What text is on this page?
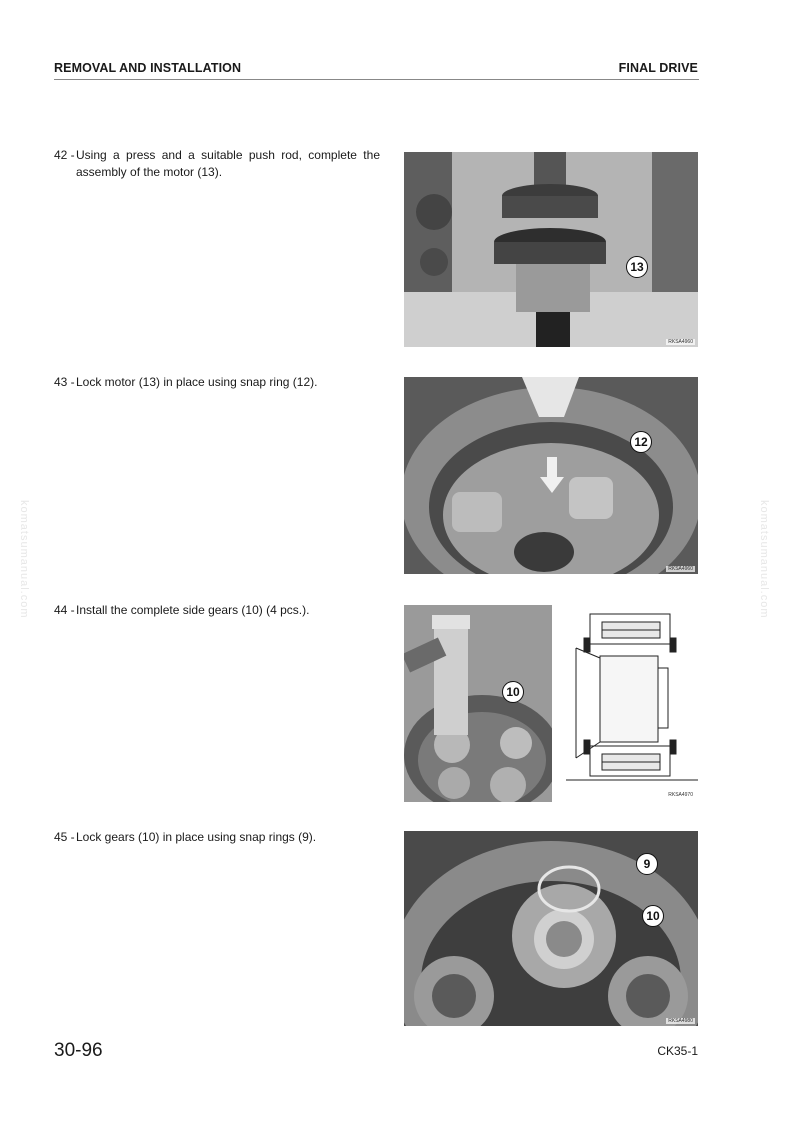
REMOVAL AND INSTALLATION	FINAL DRIVE
komatsumanual.com	komatsumanual.com
42 - Using a press and a suitable push rod, complete the assembly of the motor (13).
13
RKSA4960
43 - Lock motor (13) in place using snap ring (12).
12
RKSA4960
44 - Install the complete side gears (10) (4 pcs.).
10
RKSA4970
45 - Lock gears (10) in place using snap rings (9).
9
10
RKSA4980
30-96	CK35-1
